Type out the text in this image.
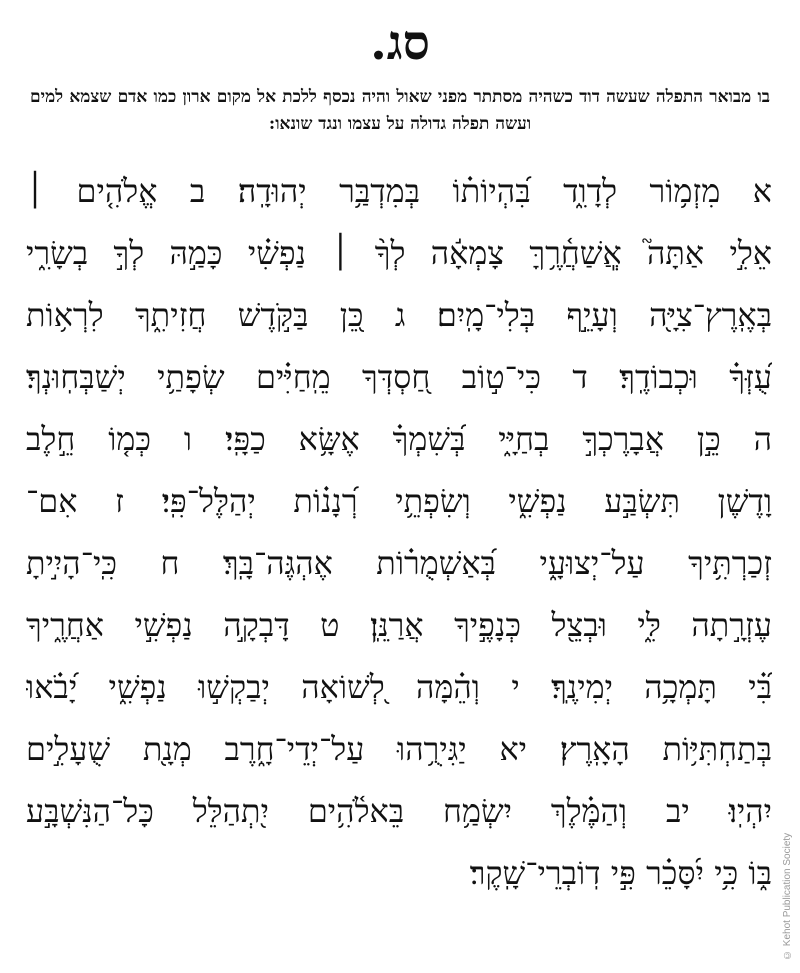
סג.
בו מבואר התפלה שעשה דוד כשהיה מסתתר מפני שאול והיה נכסף ללכת אל מקום ארון כמו אדם שצמא למים ועשה תפלה גדולה על עצמו ונגד שונאו:
א מִזְמ֥וֹר לְדָוִ֑ד בִּ֝הְיוֹת֗וֹ בְּמִדְבַּ֥ר יְהוּדָֽה׃ ב אֱלֹהִ֤ים ׀
אֵלִ֣י אַתָּה֮ אֲֽשַׁחֲ֫רֶ֥ךָּ צָמְאָ֬ה לְךָ֨ ׀ נַפְשִׁ֗י כָּמַ֣הּ לְךָ֣ בְשָׂרִ֑י
בְּאֶֽרֶץ־צִיָּ֖ה וְעָיֵ֣ף בְּלִי־מָֽיִם׃ ג כֵּ֭ן בַּקֹּ֣דֶשׁ חֲזִיתִ֑ךָ לִרְא֥וֹת
עֻ֝זְּךָ֗ וּכְבוֹדֶֽךָ׃ ד כִּי־ט֣וֹב חַ֭סְדְּךָ מֵֽחַיִּ֗ים שְׂפָתַ֥י יְשַׁבְּחֽוּנְךָ׃
ה כֵּ֣ן אֲבָרֶכְךָ֣ בְחַיָּ֑י בְּ֝שִׁמְךָ֗ אֶשָּׂ֥א כַפָּֽי׃ ו כְּמ֤וֹ חֵ֣לֶב
וָ֭דֶשֶׁן תִּשְׂבַּ֣ע נַפְשִׁ֑י וְשִׂפְתֵ֥י רְ֝נָנ֗וֹת יְהַלֶּל־פִּֽי׃ ז אִם־
זְכַרְתִּ֥יךָ עַל־יְצוּעָ֑י בְּ֝אַשְׁמֻר֗וֹת אֶהְגֶּה־בָּֽךְ׃ ח כִּֽי־הָיִ֣יתָ
עֶזְרָ֣תָה לִּ֑י וּבְצֵ֖ל כְּנָפֶ֣יךָ אֲרַנֵּֽן׃ ט דָּבְקָ֣ה נַפְשִׁ֣י אַחֲרֶ֑יךָ
בִּ֝֗י תָּמְכָ֥ה יְמִינֶֽךָ׃ י וְהֵ֗מָּה לְ֭שׁוֹאָה יְבַקְשׁ֣וּ נַפְשִׁ֑י יָ֝בֹ֗אוּ
בְּתַחְתִּיּ֥וֹת הָאָֽרֶץ׃ יא יַגִּירֻ֥הוּ עַל־יְדֵי־חָ֑רֶב מְנָ֖ת שֻׁעָלִ֣ים
יִהְיֽוּ׃ יב וְהַמֶּ֗לֶךְ יִשְׂמַ֥ח בֵּאלֹ֫הִ֥ים יִ֭תְהַלֵּל כָּל־הַנִּשְׁבָּ֣ע
בּ֑וֹ כִּ֥י יִ֝סָּכֵ֗ר פִּ֣י דֽוֹבְרֵי־שָֽׁקֶר׃ © Kehot Publication Society
